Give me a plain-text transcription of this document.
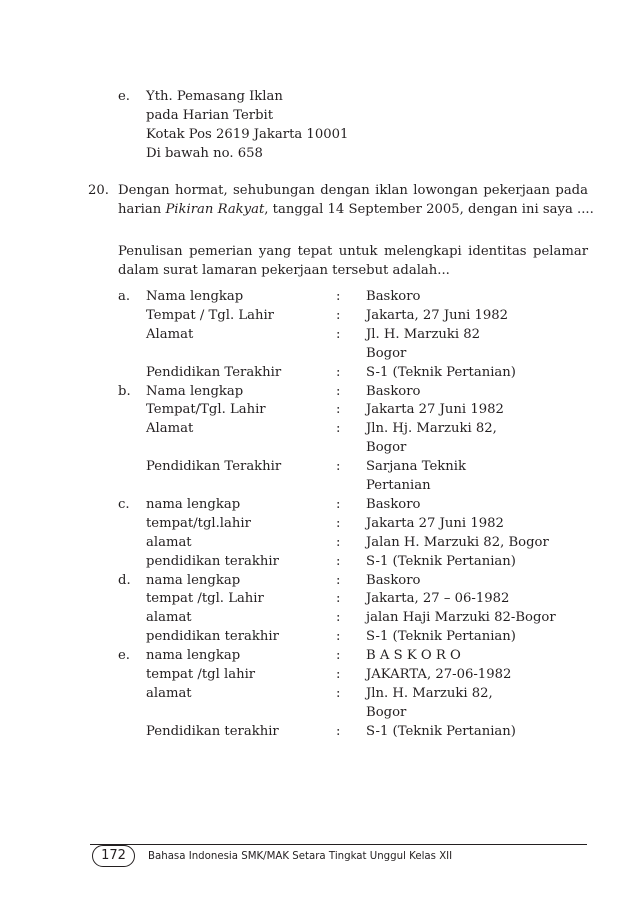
e. Yth. Pemasang Iklan
pada Harian Terbit
Kotak Pos 2619 Jakarta 10001
Di bawah no. 658
20. Dengan hormat, sehubungan dengan iklan lowongan pekerjaan pada
harian Pikiran Rakyat, tanggal 14 September 2005, dengan ini saya ....
Penulisan pemerian yang tepat untuk melengkapi identitas pelamar
dalam surat lamaran pekerjaan tersebut adalah...
a. Nama lengkap	: Baskoro
Tempat / Tgl. Lahir	: Jakarta, 27 Juni 1982
Alamat	: Jl. H. Marzuki 82
Bogor
Pendidikan Terakhir	: S-1 (Teknik Pertanian)
b. Nama lengkap	: Baskoro
Tempat/Tgl. Lahir	: Jakarta 27 Juni 1982
Alamat	: Jln. Hj. Marzuki 82,
Bogor
Pendidikan Terakhir	: Sarjana Teknik
Pertanian
c. nama lengkap	: Baskoro
tempat/tgl.lahir	: Jakarta 27 Juni 1982
alamat	: Jalan H. Marzuki 82, Bogor
pendidikan terakhir	: S-1 (Teknik Pertanian)
d. nama lengkap	: Baskoro
tempat /tgl. Lahir	: Jakarta, 27 – 06-1982
alamat	: jalan Haji Marzuki 82-Bogor
pendidikan terakhir	: S-1 (Teknik Pertanian)
e. nama lengkap	: B A S K O R O
tempat /tgl lahir	: JAKARTA, 27-06-1982
alamat	: Jln. H. Marzuki 82,
Bogor
Pendidikan terakhir	: S-1 (Teknik Pertanian)
172	Bahasa Indonesia SMK/MAK Setara Tingkat Unggul Kelas XII
